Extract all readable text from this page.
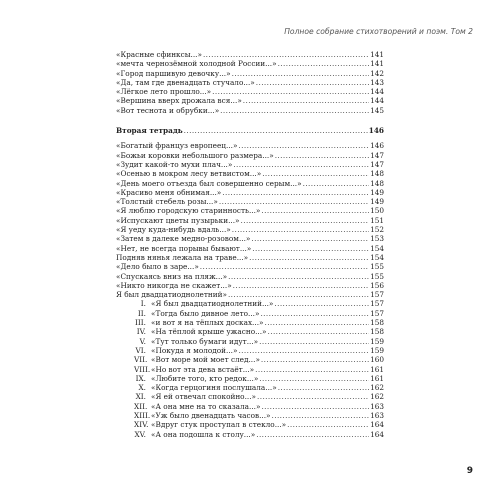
Полное собрание стихотворений и поэм. Том 2
«Красные сфинксы...» .....	141
«мечта чернозёмной холодной России...» .....	141
«Город паршивую девочку...» .....	142
«Да, там где двенадцать стучало...» .....	143
«Лёгкое лето прошло...» .....	144
«Вершина вверх дрожала вся...» .....	144
«Вот теснота и обрубки...» .....	145
Вторая тетрадь .....	146
«Богатый француз европеец...» .....	146
«Божьи коровки небольшого размера...» .....	147
«Зудит какой-то мухи плач...» .....	147
«Осенью в мокром лесу ветвистом...» .....	148
«День моего отъезда был совершенно серым...» .....	148
«Красиво меня обнимая...» .....	149
«Толстый стебель розы...» .....	149
«Я люблю городскую старинность...» .....	150
«Испускают цветы пузырьки...» .....	151
«Я уеду куда-нибудь вдаль...» .....	152
«Затем в далеке медно-розовом...» .....	153
«Нет, не всегда порывы бывают...» .....	154
Подняв нянья лежала на траве...» .....	154
«Дело было в заре...» .....	155
«Спускаясь вниз на пляж...» .....	155
«Никто никогда не скажет...» .....	156
Я был двадцатиоднолетний» .....	157
I. «Я был двадцатиоднолетний...» .....	157
II. «Тогда было дивное лето...» .....	157
III. «и вот я на тёплых досках...» .....	158
IV. «На тёплой крыше ужасно...» .....	158
V. «Тут только бумаги идут...» .....	159
VI. «Покуда я молодой...» .....	159
VII. «Вот море мой моет след...» .....	160
VIII. «Но вот эта дева встаёт...» .....	161
IX. «Любите того, кто редок...» .....	161
X. «Когда герцогиня послушала...» .....	162
XI. «Я ей отвечал спокойно...» .....	162
XII. «А она мне на то сказала...» .....	163
XIII. «Уж было двенадцать часов...» .....	163
XIV. «Вдруг стук проступал в стекло...» .....	164
XV. «А она подошла к столу...» .....	164
9
